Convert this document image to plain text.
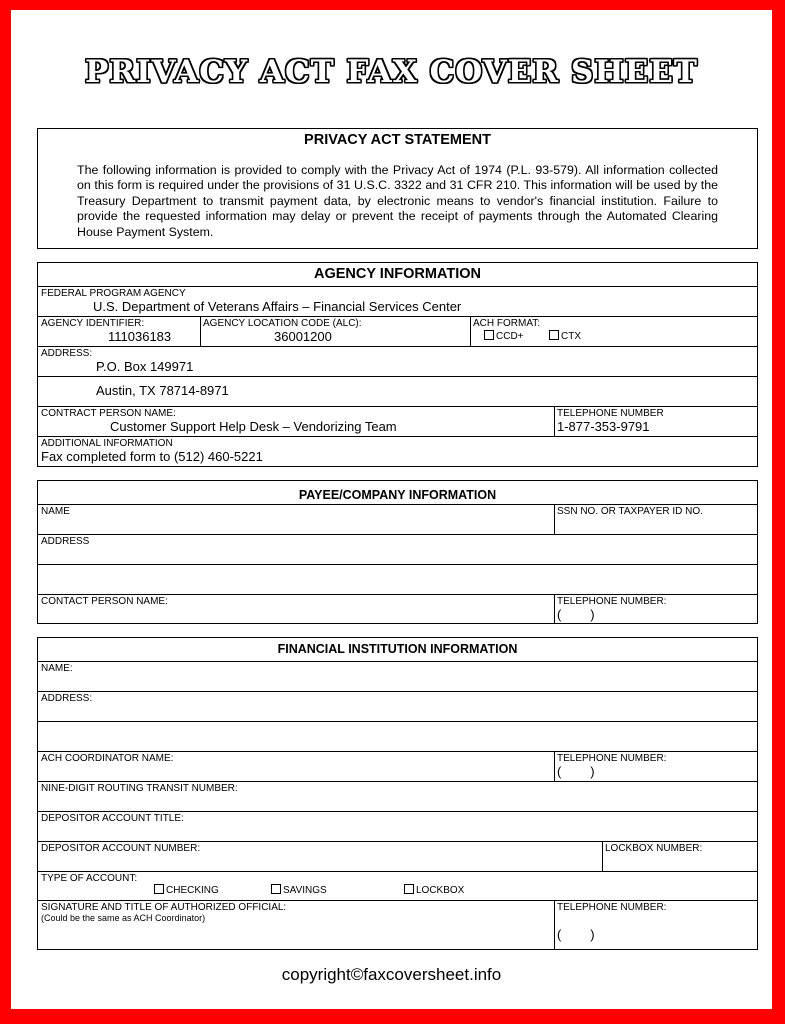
PRIVACY ACT FAX COVER SHEET
PRIVACY ACT STATEMENT
The following information is provided to comply with the Privacy Act of 1974 (P.L. 93-579). All information collected on this form is required under the provisions of 31 U.S.C. 3322 and 31 CFR 210. This information will be used by the Treasury Department to transmit payment data, by electronic means to vendor's financial institution. Failure to provide the requested information may delay or prevent the receipt of payments through the Automated Clearing House Payment System.
AGENCY INFORMATION
FEDERAL PROGRAM AGENCY
U.S. Department of Veterans Affairs – Financial Services Center
AGENCY IDENTIFIER:
111036183
AGENCY LOCATION CODE (ALC):
36001200
ACH FORMAT:
CCD+	CTX
ADDRESS:
P.O. Box 149971
Austin, TX 78714-8971
CONTRACT PERSON NAME:
Customer Support Help Desk – Vendorizing Team
TELEPHONE NUMBER
1-877-353-9791
ADDITIONAL INFORMATION
Fax completed form to (512) 460-5221
PAYEE/COMPANY INFORMATION
NAME	SSN NO. OR TAXPAYER ID NO.
ADDRESS
CONTACT PERSON NAME:	TELEPHONE NUMBER:
(        )
FINANCIAL INSTITUTION INFORMATION
NAME:
ADDRESS:
ACH COORDINATOR NAME:	TELEPHONE NUMBER:
(        )
NINE-DIGIT ROUTING TRANSIT NUMBER:
DEPOSITOR ACCOUNT TITLE:
DEPOSITOR ACCOUNT NUMBER:	LOCKBOX NUMBER:
TYPE OF ACCOUNT:
CHECKING	SAVINGS	LOCKBOX
SIGNATURE AND TITLE OF AUTHORIZED OFFICIAL:
(Could be the same as ACH Coordinator)
TELEPHONE NUMBER:
(        )
copyright©faxcoversheet.info
